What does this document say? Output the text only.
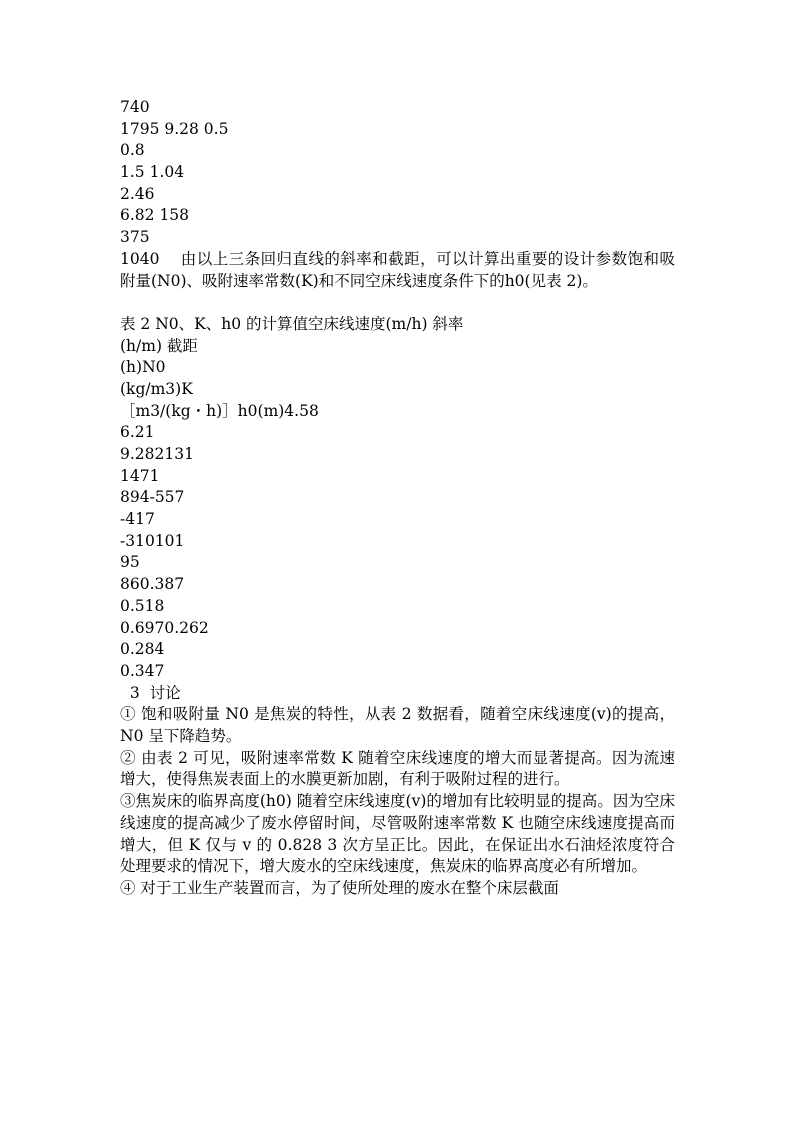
740
1795 9.28 0.5
0.8
1.5 1.04
2.46
6.82 158
375
1040 　由以上三条回归直线的斜率和截距，可以计算出重要的设计参数饱和吸附量(N0)、吸附速率常数(K)和不同空床线速度条件下的h0(见表 2)。
表 2 N0、K、h0 的计算值空床线速度(m/h) 斜率
(h/m) 截距
(h)N0
(kg/m3)K
［m3/(kg・h)］h0(m)4.58
6.21
9.282131
1471
894-557
-417
-310101
95
860.387
0.518
0.6970.262
0.284
0.347
3  讨论
① 饱和吸附量 N0 是焦炭的特性，从表 2 数据看，随着空床线速度(v)的提高，N0 呈下降趋势。
② 由表 2 可见，吸附速率常数 K 随着空床线速度的增大而显著提高。因为流速增大，使得焦炭表面上的水膜更新加剧，有利于吸附过程的进行。
③焦炭床的临界高度(h0) 随着空床线速度(v)的增加有比较明显的提高。因为空床线速度的提高减少了废水停留时间，尽管吸附速率常数 K 也随空床线速度提高而增大，但 K 仅与 v 的 0.828 3 次方呈正比。因此，在保证出水石油烃浓度符合处理要求的情况下，增大废水的空床线速度，焦炭床的临界高度必有所增加。
④ 对于工业生产装置而言，为了使所处理的废水在整个床层截面
